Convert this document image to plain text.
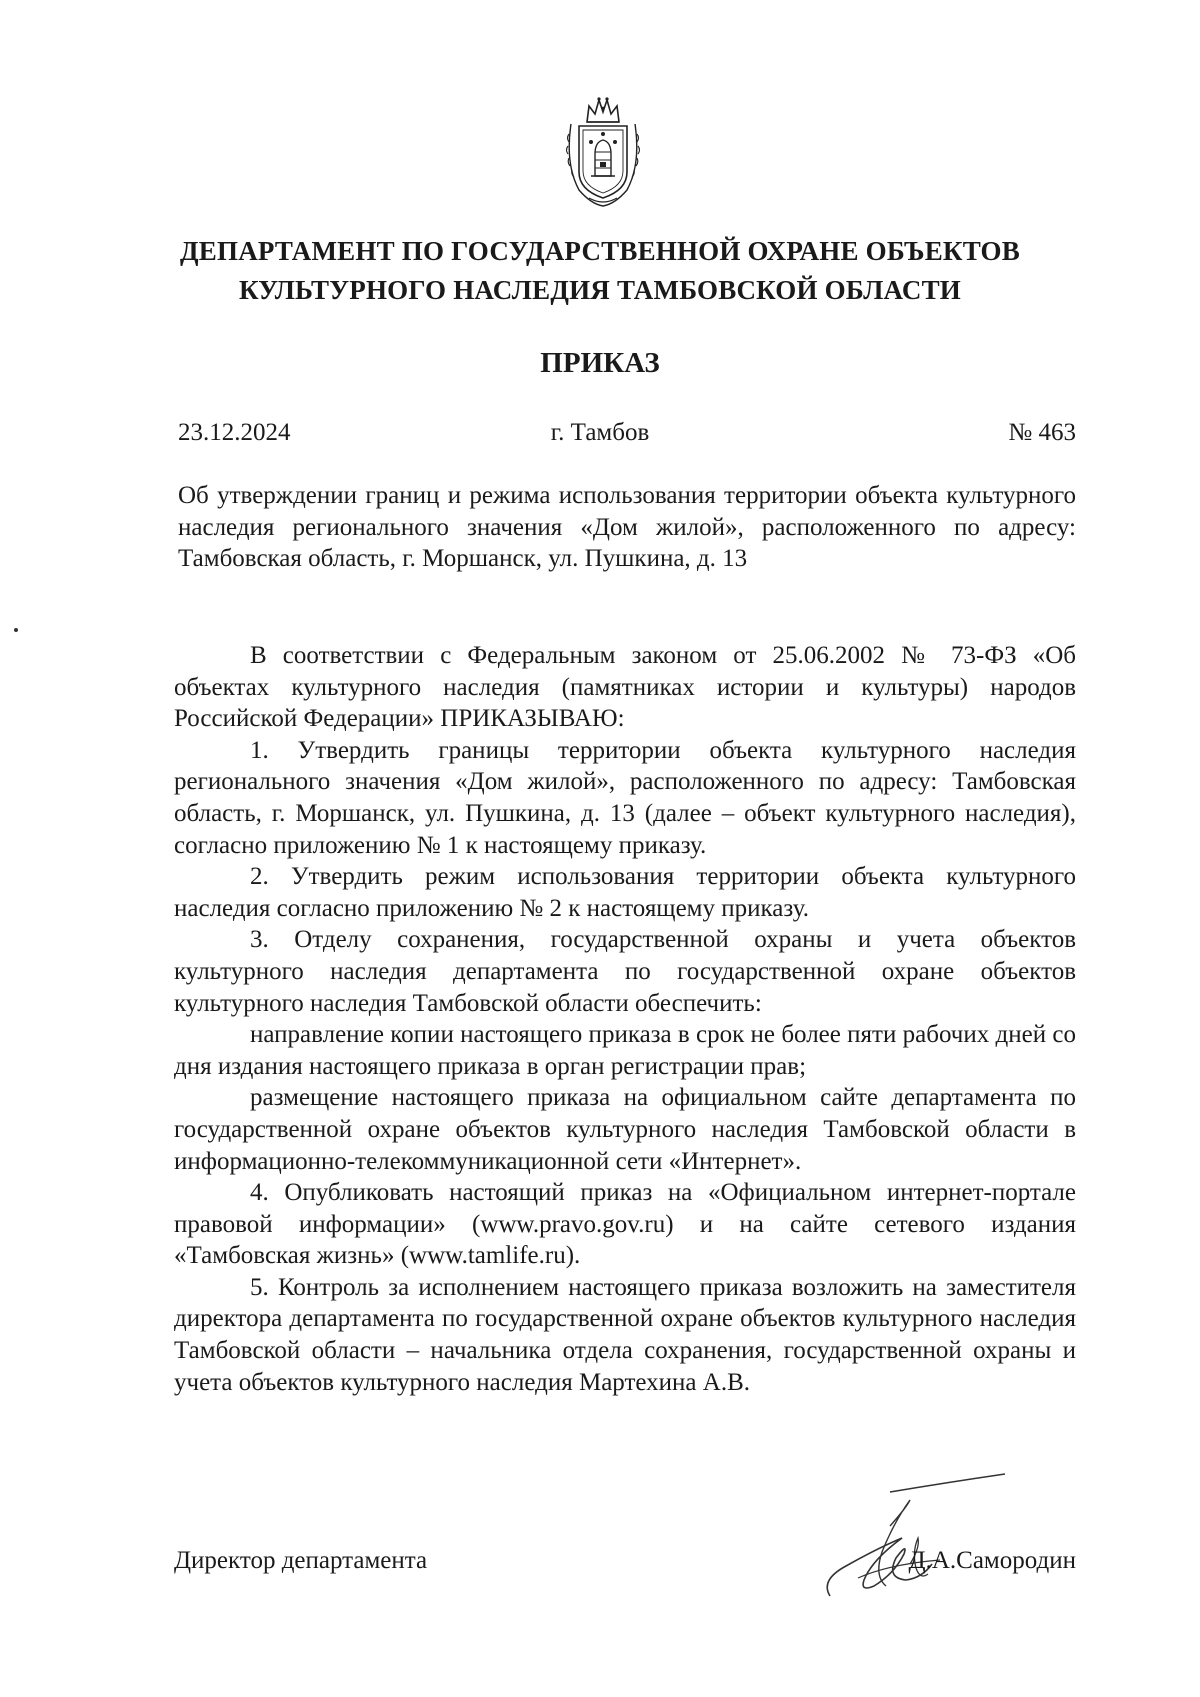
ДЕПАРТАМЕНТ ПО ГОСУДАРСТВЕННОЙ ОХРАНЕ ОБЪЕКТОВ
КУЛЬТУРНОГО НАСЛЕДИЯ ТАМБОВСКОЙ ОБЛАСТИ
ПРИКАЗ
23.12.2024	г. Тамбов	№ 463
Об утверждении границ и режима использования территории объекта культурного наследия регионального значения «Дом жилой», расположенного по адресу: Тамбовская область, г. Моршанск, ул. Пушкина, д. 13

В соответствии с Федеральным законом от 25.06.2002 № 73-ФЗ «Об объектах культурного наследия (памятниках истории и культуры) народов Российской Федерации» ПРИКАЗЫВАЮ:

1. Утвердить границы территории объекта культурного наследия регионального значения «Дом жилой», расположенного по адресу: Тамбовская область, г. Моршанск, ул. Пушкина, д. 13 (далее – объект культурного наследия), согласно приложению № 1 к настоящему приказу.

2. Утвердить режим использования территории объекта культурного наследия согласно приложению № 2 к настоящему приказу.

3. Отделу сохранения, государственной охраны и учета объектов культурного наследия департамента по государственной охране объектов культурного наследия Тамбовской области обеспечить:

направление копии настоящего приказа в срок не более пяти рабочих дней со дня издания настоящего приказа в орган регистрации прав;

размещение настоящего приказа на официальном сайте департамента по государственной охране объектов культурного наследия Тамбовской области в информационно-телекоммуникационной сети «Интернет».

4. Опубликовать настоящий приказ на «Официальном интернет-портале правовой информации» (www.pravo.gov.ru) и на сайте сетевого издания «Тамбовская жизнь» (www.tamlife.ru).

5. Контроль за исполнением настоящего приказа возложить на заместителя директора департамента по государственной охране объектов культурного наследия Тамбовской области – начальника отдела сохранения, государственной охраны и учета объектов культурного наследия Мартехина А.В.

Директор департамента	Д.А.Самородин
